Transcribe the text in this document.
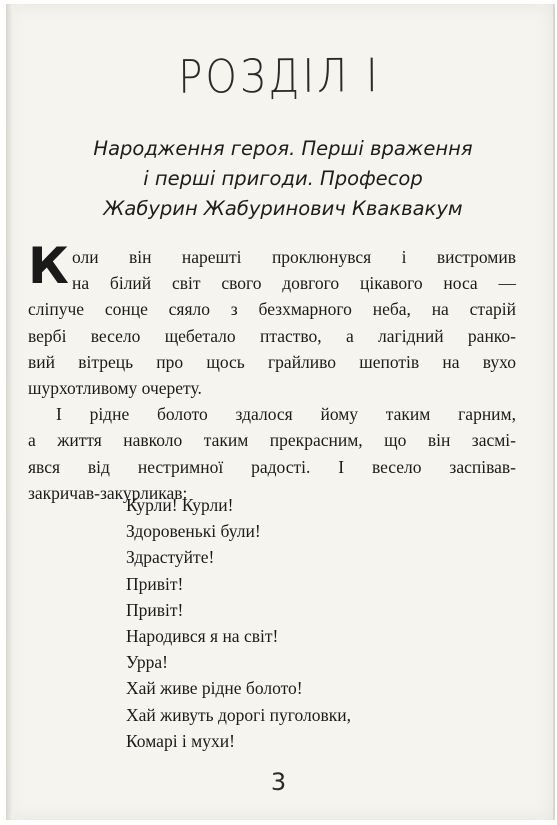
РОЗДІЛ І
Народження героя. Перші враження
і перші пригоди. Професор
Жабурин Жабуринович Кваквакум
К оли він нарешті проклюнувся і вистромив
на білий світ свого довгого цікавого носа —
сліпуче сонце сяяло з безхмарного неба, на старій
вербі весело щебетало птаство, а лагідний ранко-
вий вітрець про щось грайливо шепотів на вухо
шурхотливому очерету.
І рідне болото здалося йому таким гарним,
а життя навколо таким прекрасним, що він засмі-
явся від нестримної радості. І весело заспівав-
закричав-закурликав:
Курли! Курли!
Здоровенькі були!
Здрастуйте!
Привіт!
Привіт!
Народився я на світ!
Урра!
Хай живе рідне болото!
Хай живуть дорогі пуголовки,
Комарі і мухи!
3
